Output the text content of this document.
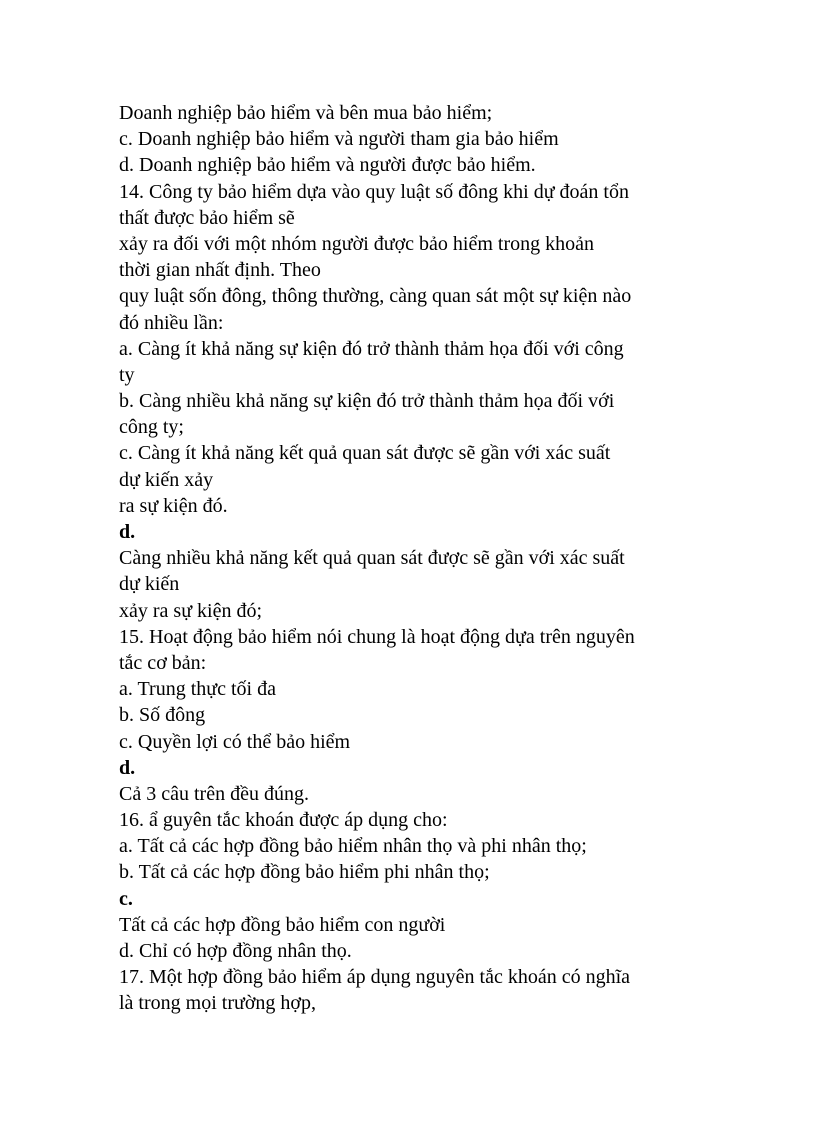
Doanh nghiệp bảo hiểm và bên mua bảo hiểm;
c. Doanh nghiệp bảo hiểm và người tham gia bảo hiểm
d. Doanh nghiệp bảo hiểm và người được bảo hiểm.
14. Công ty bảo hiểm dựa vào quy luật số đông khi dự đoán tổn
thất được bảo hiểm sẽ
xảy ra đối với một nhóm người được bảo hiểm trong khoản
thời gian nhất định. Theo
quy luật sốn đông, thông thường, càng quan sát một sự kiện nào
đó nhiều lần:
a. Càng ít khả năng sự kiện đó trở thành thảm họa đối với công
ty
b. Càng nhiều khả năng sự kiện đó trở thành thảm họa đối với
công ty;
c. Càng ít khả năng kết quả quan sát được sẽ gần với xác suất
dự kiến xảy
ra sự kiện đó.
d.
Càng nhiều khả năng kết quả quan sát được sẽ gần với xác suất
dự kiến
xảy ra sự kiện đó;
15. Hoạt động bảo hiểm nói chung là hoạt động dựa trên nguyên
tắc cơ bản:
a. Trung thực tối đa
b. Số đông
c. Quyền lợi có thể bảo hiểm
d.
Cả 3 câu trên đều đúng.
16. ẩ guyên tắc khoán được áp dụng cho:
a. Tất cả các hợp đồng bảo hiểm nhân thọ và phi nhân thọ;
b. Tất cả các hợp đồng bảo hiểm phi nhân thọ;
c.
Tất cả các hợp đồng bảo hiểm con người
d. Chỉ có hợp đồng nhân thọ.
17. Một hợp đồng bảo hiểm áp dụng nguyên tắc khoán có nghĩa
là trong mọi trường hợp,
